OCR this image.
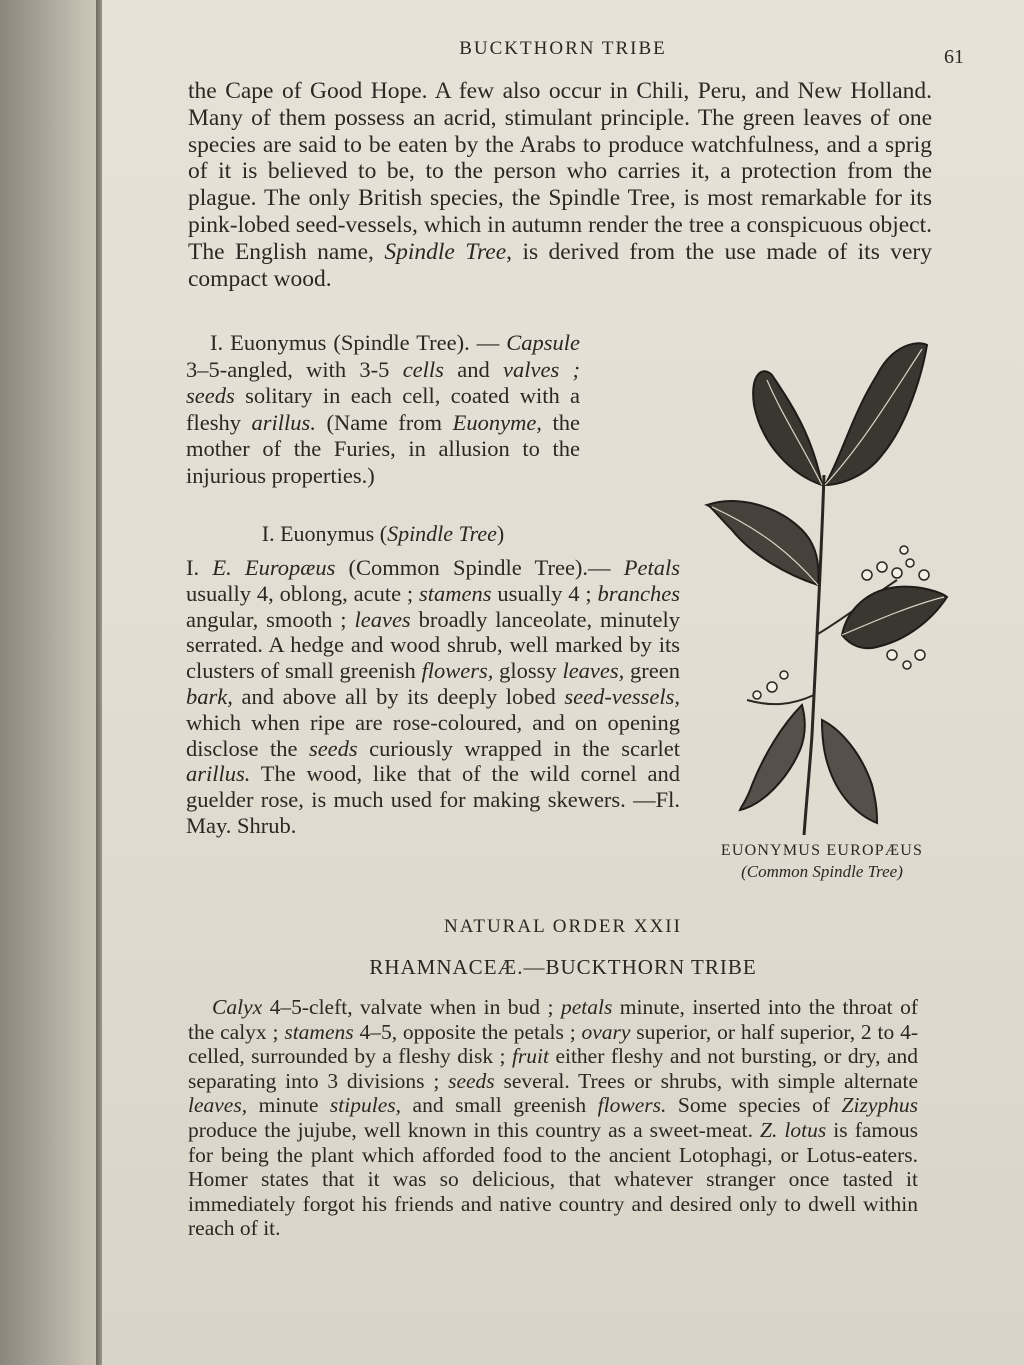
BUCKTHORN TRIBE	61

the Cape of Good Hope. A few also occur in Chili, Peru, and New Holland. Many of them possess an acrid, stimulant principle. The green leaves of one species are said to be eaten by the Arabs to produce watchfulness, and a sprig of it is believed to be, to the person who carries it, a protection from the plague. The only British species, the Spindle Tree, is most remarkable for its pink-lobed seed-vessels, which in autumn render the tree a conspicuous object. The English name, Spindle Tree, is derived from the use made of its very compact wood.

I. Euonymus (Spindle Tree). — Capsule 3–5-angled, with 3-5 cells and valves ; seeds solitary in each cell, coated with a fleshy arillus. (Name from Euonyme, the mother of the Furies, in allusion to the injurious properties.)

I. Euonymus (Spindle Tree)

I. E. Europæus (Common Spindle Tree).— Petals usually 4, oblong, acute ; stamens usually 4 ; branches angular, smooth ; leaves broadly lanceolate, minutely serrated. A hedge and wood shrub, well marked by its clusters of small greenish flowers, glossy leaves, green bark, and above all by its deeply lobed seed-vessels, which when ripe are rose-coloured, and on opening disclose the seeds curiously wrapped in the scarlet arillus. The wood, like that of the wild cornel and guelder rose, is much used for making skewers. —Fl. May. Shrub.

EUONYMUS EUROPÆUS
(Common Spindle Tree)
NATURAL ORDER XXII
RHAMNACEÆ.—BUCKTHORN TRIBE

Calyx 4–5-cleft, valvate when in bud ; petals minute, inserted into the throat of the calyx ; stamens 4–5, opposite the petals ; ovary superior, or half superior, 2 to 4-celled, surrounded by a fleshy disk ; fruit either fleshy and not bursting, or dry, and separating into 3 divisions ; seeds several. Trees or shrubs, with simple alternate leaves, minute stipules, and small greenish flowers. Some species of Zizyphus produce the jujube, well known in this country as a sweet-meat. Z. lotus is famous for being the plant which afforded food to the ancient Lotophagi, or Lotus-eaters. Homer states that it was so delicious, that whatever stranger once tasted it immediately forgot his friends and native country and desired only to dwell within reach of it.
